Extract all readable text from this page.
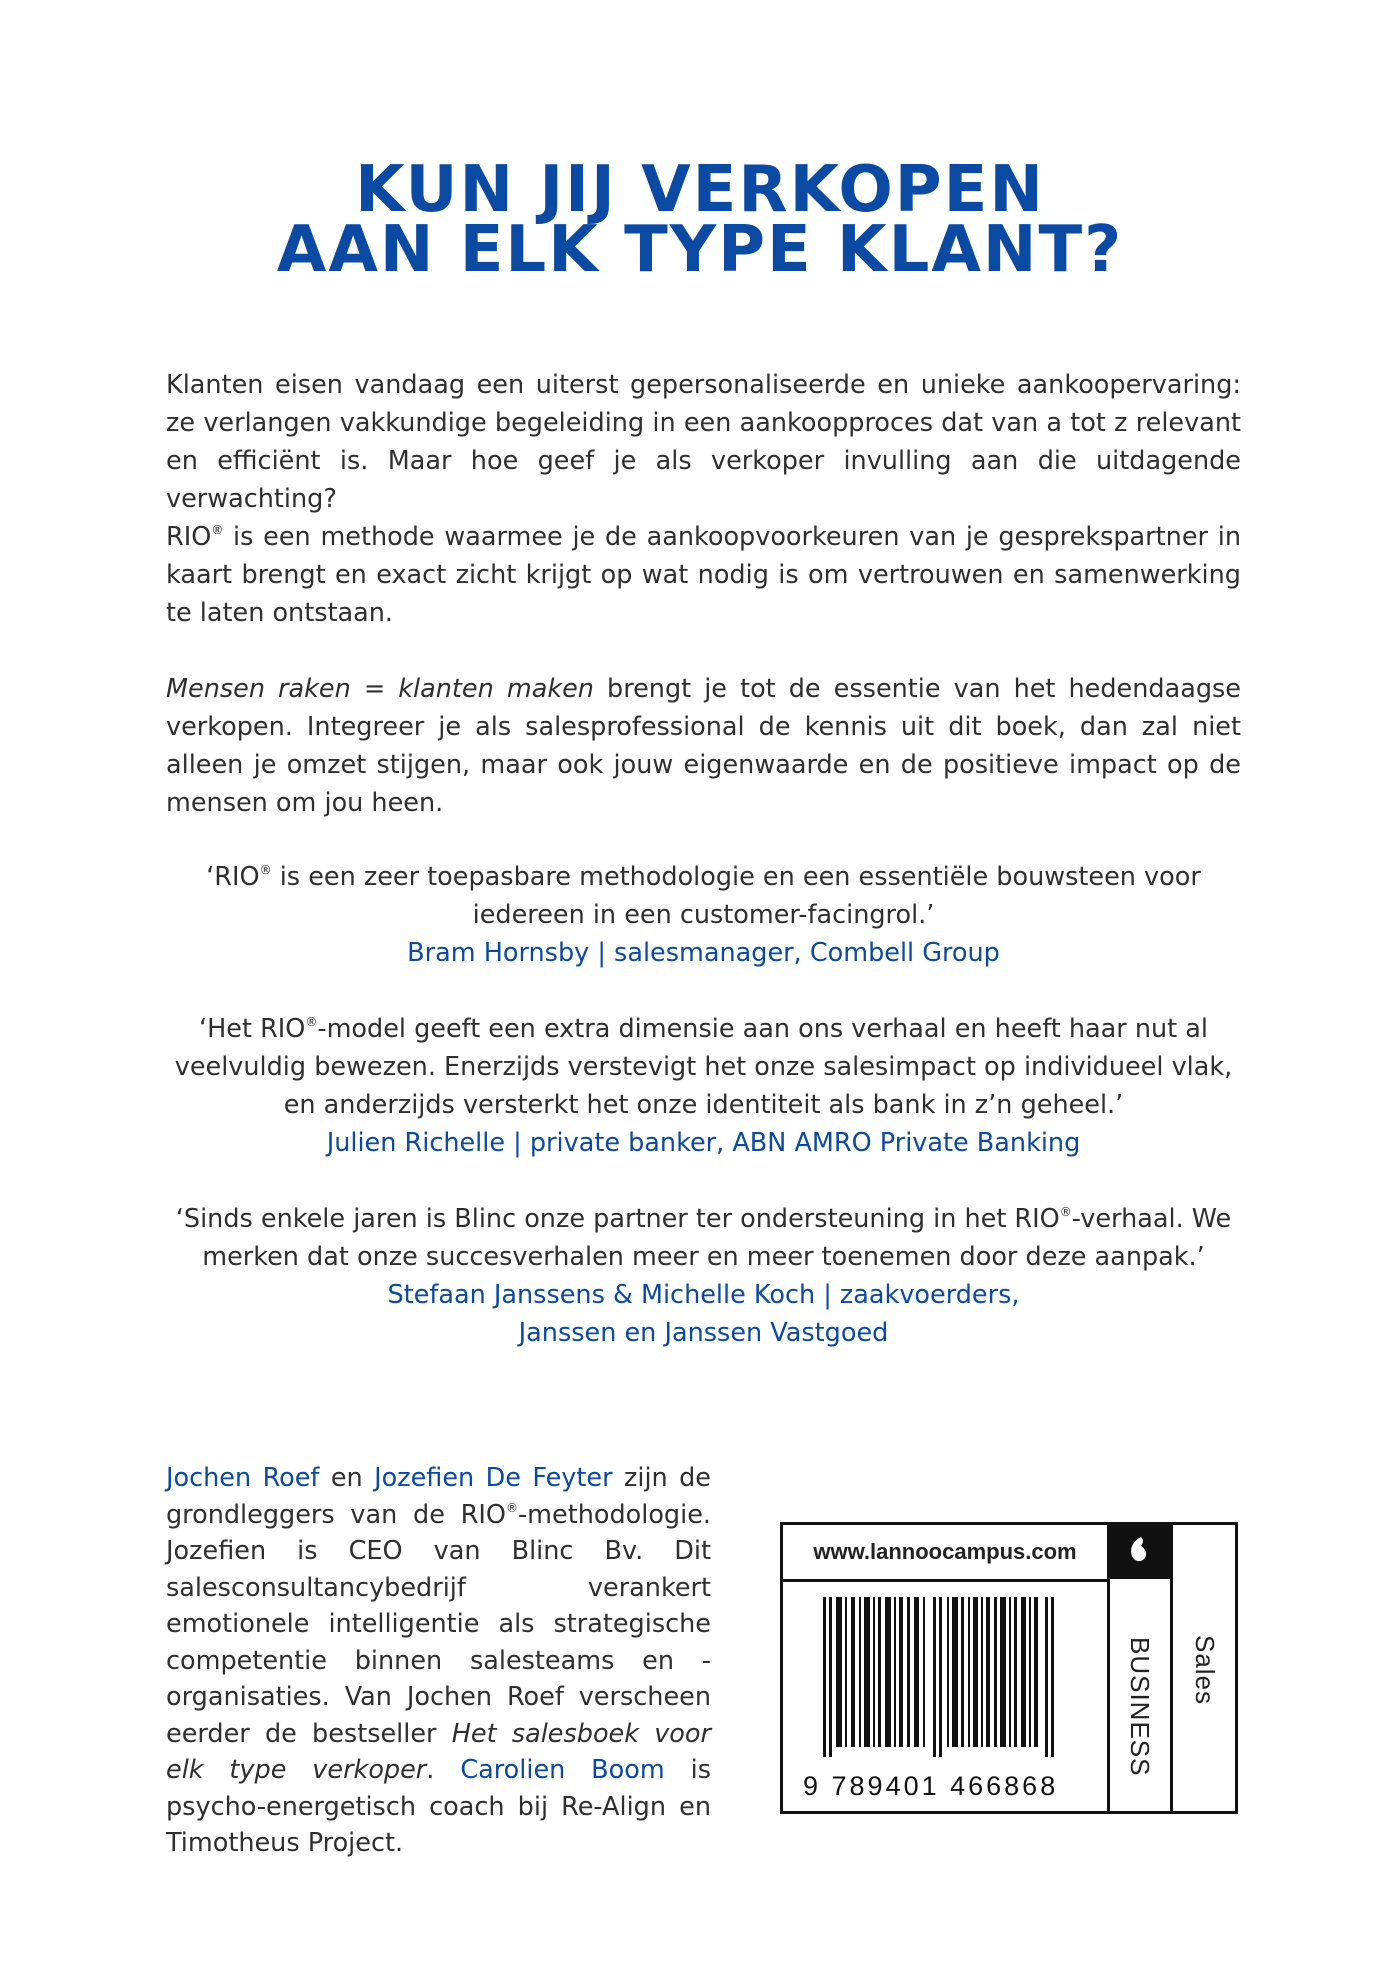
KUN JIJ VERKOPEN
AAN ELK TYPE KLANT?

Klanten eisen vandaag een uiterst gepersonaliseerde en unieke aankoopervaring: ze verlangen vakkundige begeleiding in een aankoopproces dat van a tot z relevant en efficiënt is. Maar hoe geef je als verkoper invulling aan die uitdagende verwachting?

RIO® is een methode waarmee je de aankoopvoorkeuren van je gesprekspartner in kaart brengt en exact zicht krijgt op wat nodig is om vertrouwen en samenwerking te laten ontstaan.

Mensen raken = klanten maken brengt je tot de essentie van het hedendaagse verkopen. Integreer je als salesprofessional de kennis uit dit boek, dan zal niet alleen je omzet stijgen, maar ook jouw eigenwaarde en de positieve impact op de mensen om jou heen.

‘RIO® is een zeer toepasbare methodologie en een essentiële bouwsteen voor iedereen in een customer-facingrol.’
Bram Hornsby | salesmanager, Combell Group
‘Het RIO®-model geeft een extra dimensie aan ons verhaal en heeft haar nut al veelvuldig bewezen. Enerzijds verstevigt het onze salesimpact op individueel vlak, en anderzijds versterkt het onze identiteit als bank in z’n geheel.’
Julien Richelle | private banker, ABN AMRO Private Banking
‘Sinds enkele jaren is Blinc onze partner ter ondersteuning in het RIO®-verhaal. We merken dat onze succesverhalen meer en meer toenemen door deze aanpak.’
Stefaan Janssens & Michelle Koch | zaakvoerders,
Janssen en Janssen Vastgoed

Jochen Roef en Jozefien De Feyter zijn de grondleggers van de RIO®-methodologie. Jozefien is CEO van Blinc Bv. Dit salesconsultancybedrijf verankert emotionele intelligentie als strategische competentie binnen salesteams en -organisaties. Van Jochen Roef verscheen eerder de bestseller Het salesboek voor elk type verkoper. Carolien Boom is psycho-energetisch coach bij Re-Align en Timotheus Project.

www.lannoocampus.com
BUSINESS Sales
9 789401 466868
